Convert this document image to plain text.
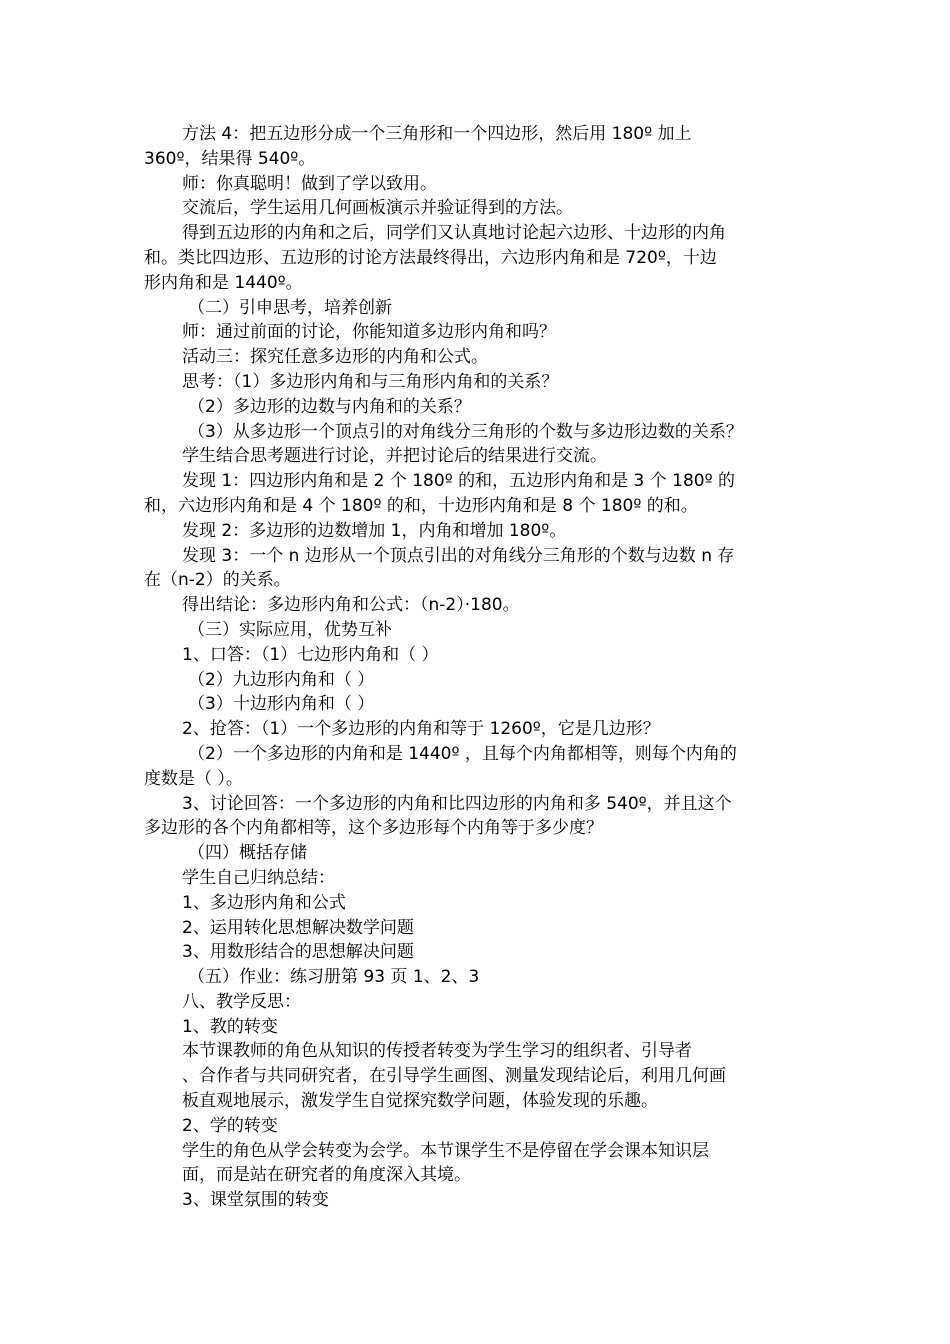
方法 4：把五边形分成一个三角形和一个四边形，然后用 180º 加上
360º，结果得 540º。
师：你真聪明！做到了学以致用。
交流后，学生运用几何画板演示并验证得到的方法。
得到五边形的内角和之后，同学们又认真地讨论起六边形、十边形的内角
和。类比四边形、五边形的讨论方法最终得出，六边形内角和是 720º，十边
形内角和是 1440º。
（二）引申思考，培养创新
师：通过前面的讨论，你能知道多边形内角和吗？
活动三：探究任意多边形的内角和公式。
思考：（1）多边形内角和与三角形内角和的关系？
（2）多边形的边数与内角和的关系？
（3）从多边形一个顶点引的对角线分三角形的个数与多边形边数的关系？
学生结合思考题进行讨论，并把讨论后的结果进行交流。
发现 1：四边形内角和是 2 个 180º 的和，五边形内角和是 3 个 180º 的
和，六边形内角和是 4 个 180º 的和，十边形内角和是 8 个 180º 的和。
发现 2：多边形的边数增加 1，内角和增加 180º。
发现 3：一个 n 边形从一个顶点引出的对角线分三角形的个数与边数 n 存
在（n-2）的关系。
得出结论：多边形内角和公式：（n-2）·180。
（三）实际应用，优势互补
1、口答：（1）七边形内角和（ ）
（2）九边形内角和（ ）
（3）十边形内角和（ ）
2、抢答：（1）一个多边形的内角和等于 1260º，它是几边形？
（2）一个多边形的内角和是 1440º ，且每个内角都相等，则每个内角的
度数是（ ）。
3、讨论回答：一个多边形的内角和比四边形的内角和多 540º，并且这个
多边形的各个内角都相等，这个多边形每个内角等于多少度？
（四）概括存储
学生自己归纳总结：
1、多边形内角和公式
2、运用转化思想解决数学问题
3、用数形结合的思想解决问题
（五）作业：练习册第 93 页 1、2、3
八、教学反思：
1、教的转变
本节课教师的角色从知识的传授者转变为学生学习的组织者、引导者
、合作者与共同研究者，在引导学生画图、测量发现结论后，利用几何画
板直观地展示，激发学生自觉探究数学问题，体验发现的乐趣。
2、学的转变
学生的角色从学会转变为会学。本节课学生不是停留在学会课本知识层
面，而是站在研究者的角度深入其境。
3、课堂氛围的转变
